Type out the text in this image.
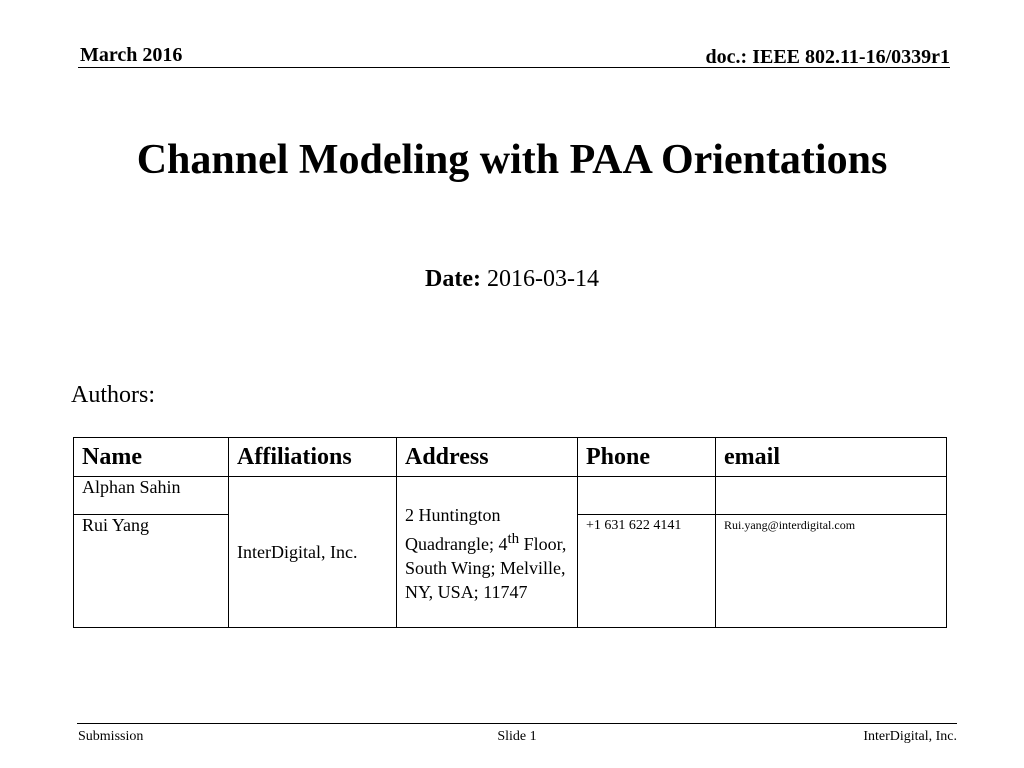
March 2016	doc.: IEEE 802.11-16/0339r1
Channel Modeling with PAA Orientations
Date: 2016-03-14
Authors:
Name	Affiliations	Address	Phone	email
Alphan Sahin	InterDigital, Inc.	2 Huntington Quadrangle; 4th Floor, South Wing; Melville, NY, USA; 11747		
Rui Yang			+1 631 622 4141	Rui.yang@interdigital.com
Submission	Slide 1	InterDigital, Inc.
